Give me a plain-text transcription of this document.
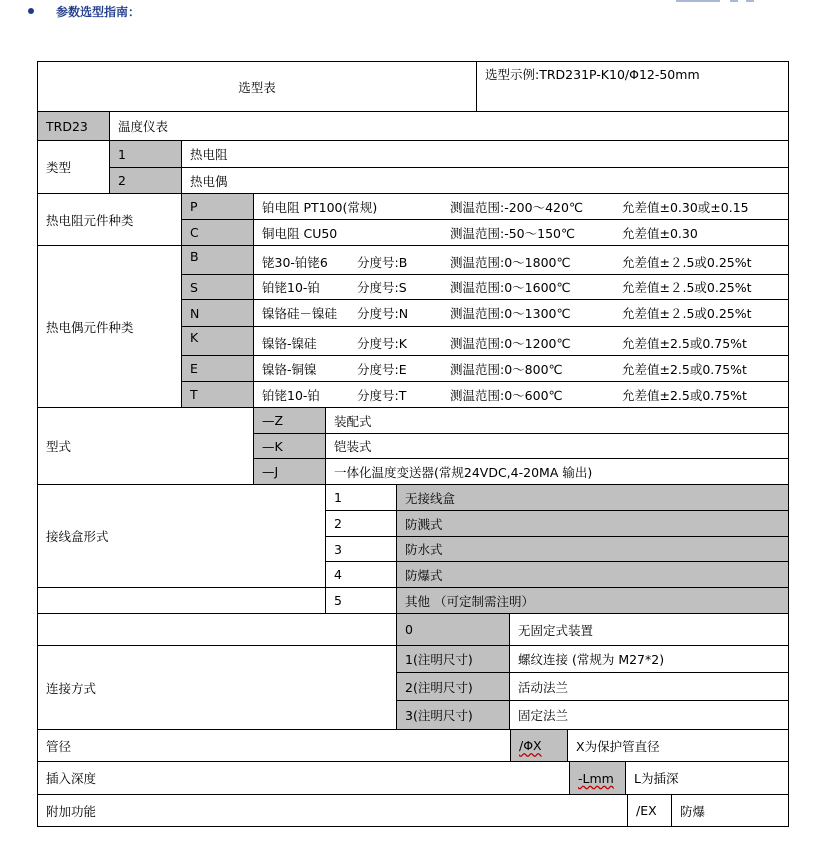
参数选型指南：
选型表
选型示例:TRD231P-K10/Φ12-50mm
TRD23	温度仪表
类型
1	热电阻
2	热电偶
热电阻元件种类
P	铂电阻 PT100(常规)	测温范围:-200～420℃	允差值±0.30或±0.15
C	铜电阻 CU50	测温范围:-50～150℃	允差值±0.30
热电偶元件种类
B	铑30-铂铑6	分度号:B	测温范围:0～1800℃	允差值±２.5或0.25%t
S	铂铑10-铂	分度号:S	测温范围:0～1600℃	允差值±２.5或0.25%t
N	镍铬硅－镍硅	分度号:N	测温范围:0～1300℃	允差值±２.5或0.25%t
K	镍铬-镍硅	分度号:K	测温范围:0～1200℃	允差值±2.5或0.75%t
E	镍铬-铜镍	分度号:E	测温范围:0～800℃	允差值±2.5或0.75%t
T	铂铑10-铂	分度号:T	测温范围:0～600℃	允差值±2.5或0.75%t
型式
—Z	装配式
—K	铠装式
—J	一体化温度变送器(常规24VDC,4-20MA 输出)
接线盒形式
1	无接线盒
2	防溅式
3	防水式
4	防爆式
5	其他 （可定制需注明）
连接方式
0	无固定式装置
1(注明尺寸)	螺纹连接 (常规为 M27*2)
2(注明尺寸)	活动法兰
3(注明尺寸)	固定法兰
管径	/ΦX	X为保护管直径
插入深度	-Lmm	L为插深
附加功能	/EX	防爆
